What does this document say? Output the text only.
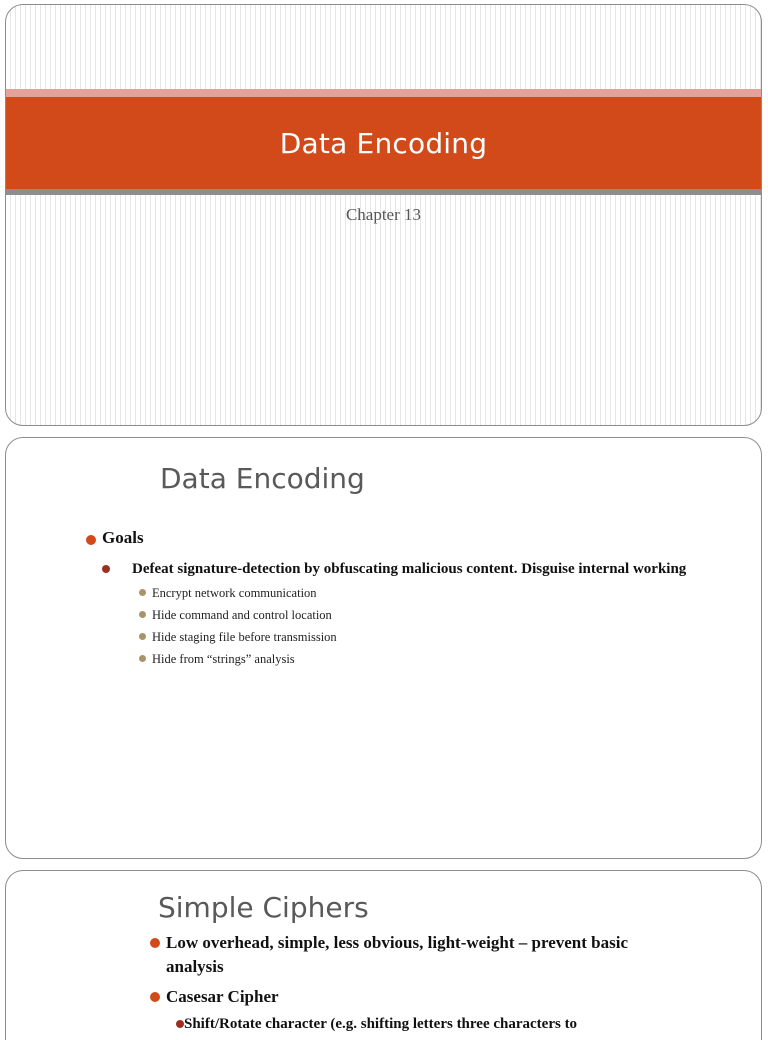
Data Encoding
Chapter 13
Data Encoding
Goals
Defeat signature-detection by obfuscating malicious content. Disguise internal working
Encrypt network communication
Hide command and control location
Hide staging file before transmission
Hide from “strings” analysis
Simple Ciphers
Low overhead, simple, less obvious, light-weight – prevent basic analysis
Casesar Cipher
Shift/Rotate character (e.g. shifting letters three characters to
